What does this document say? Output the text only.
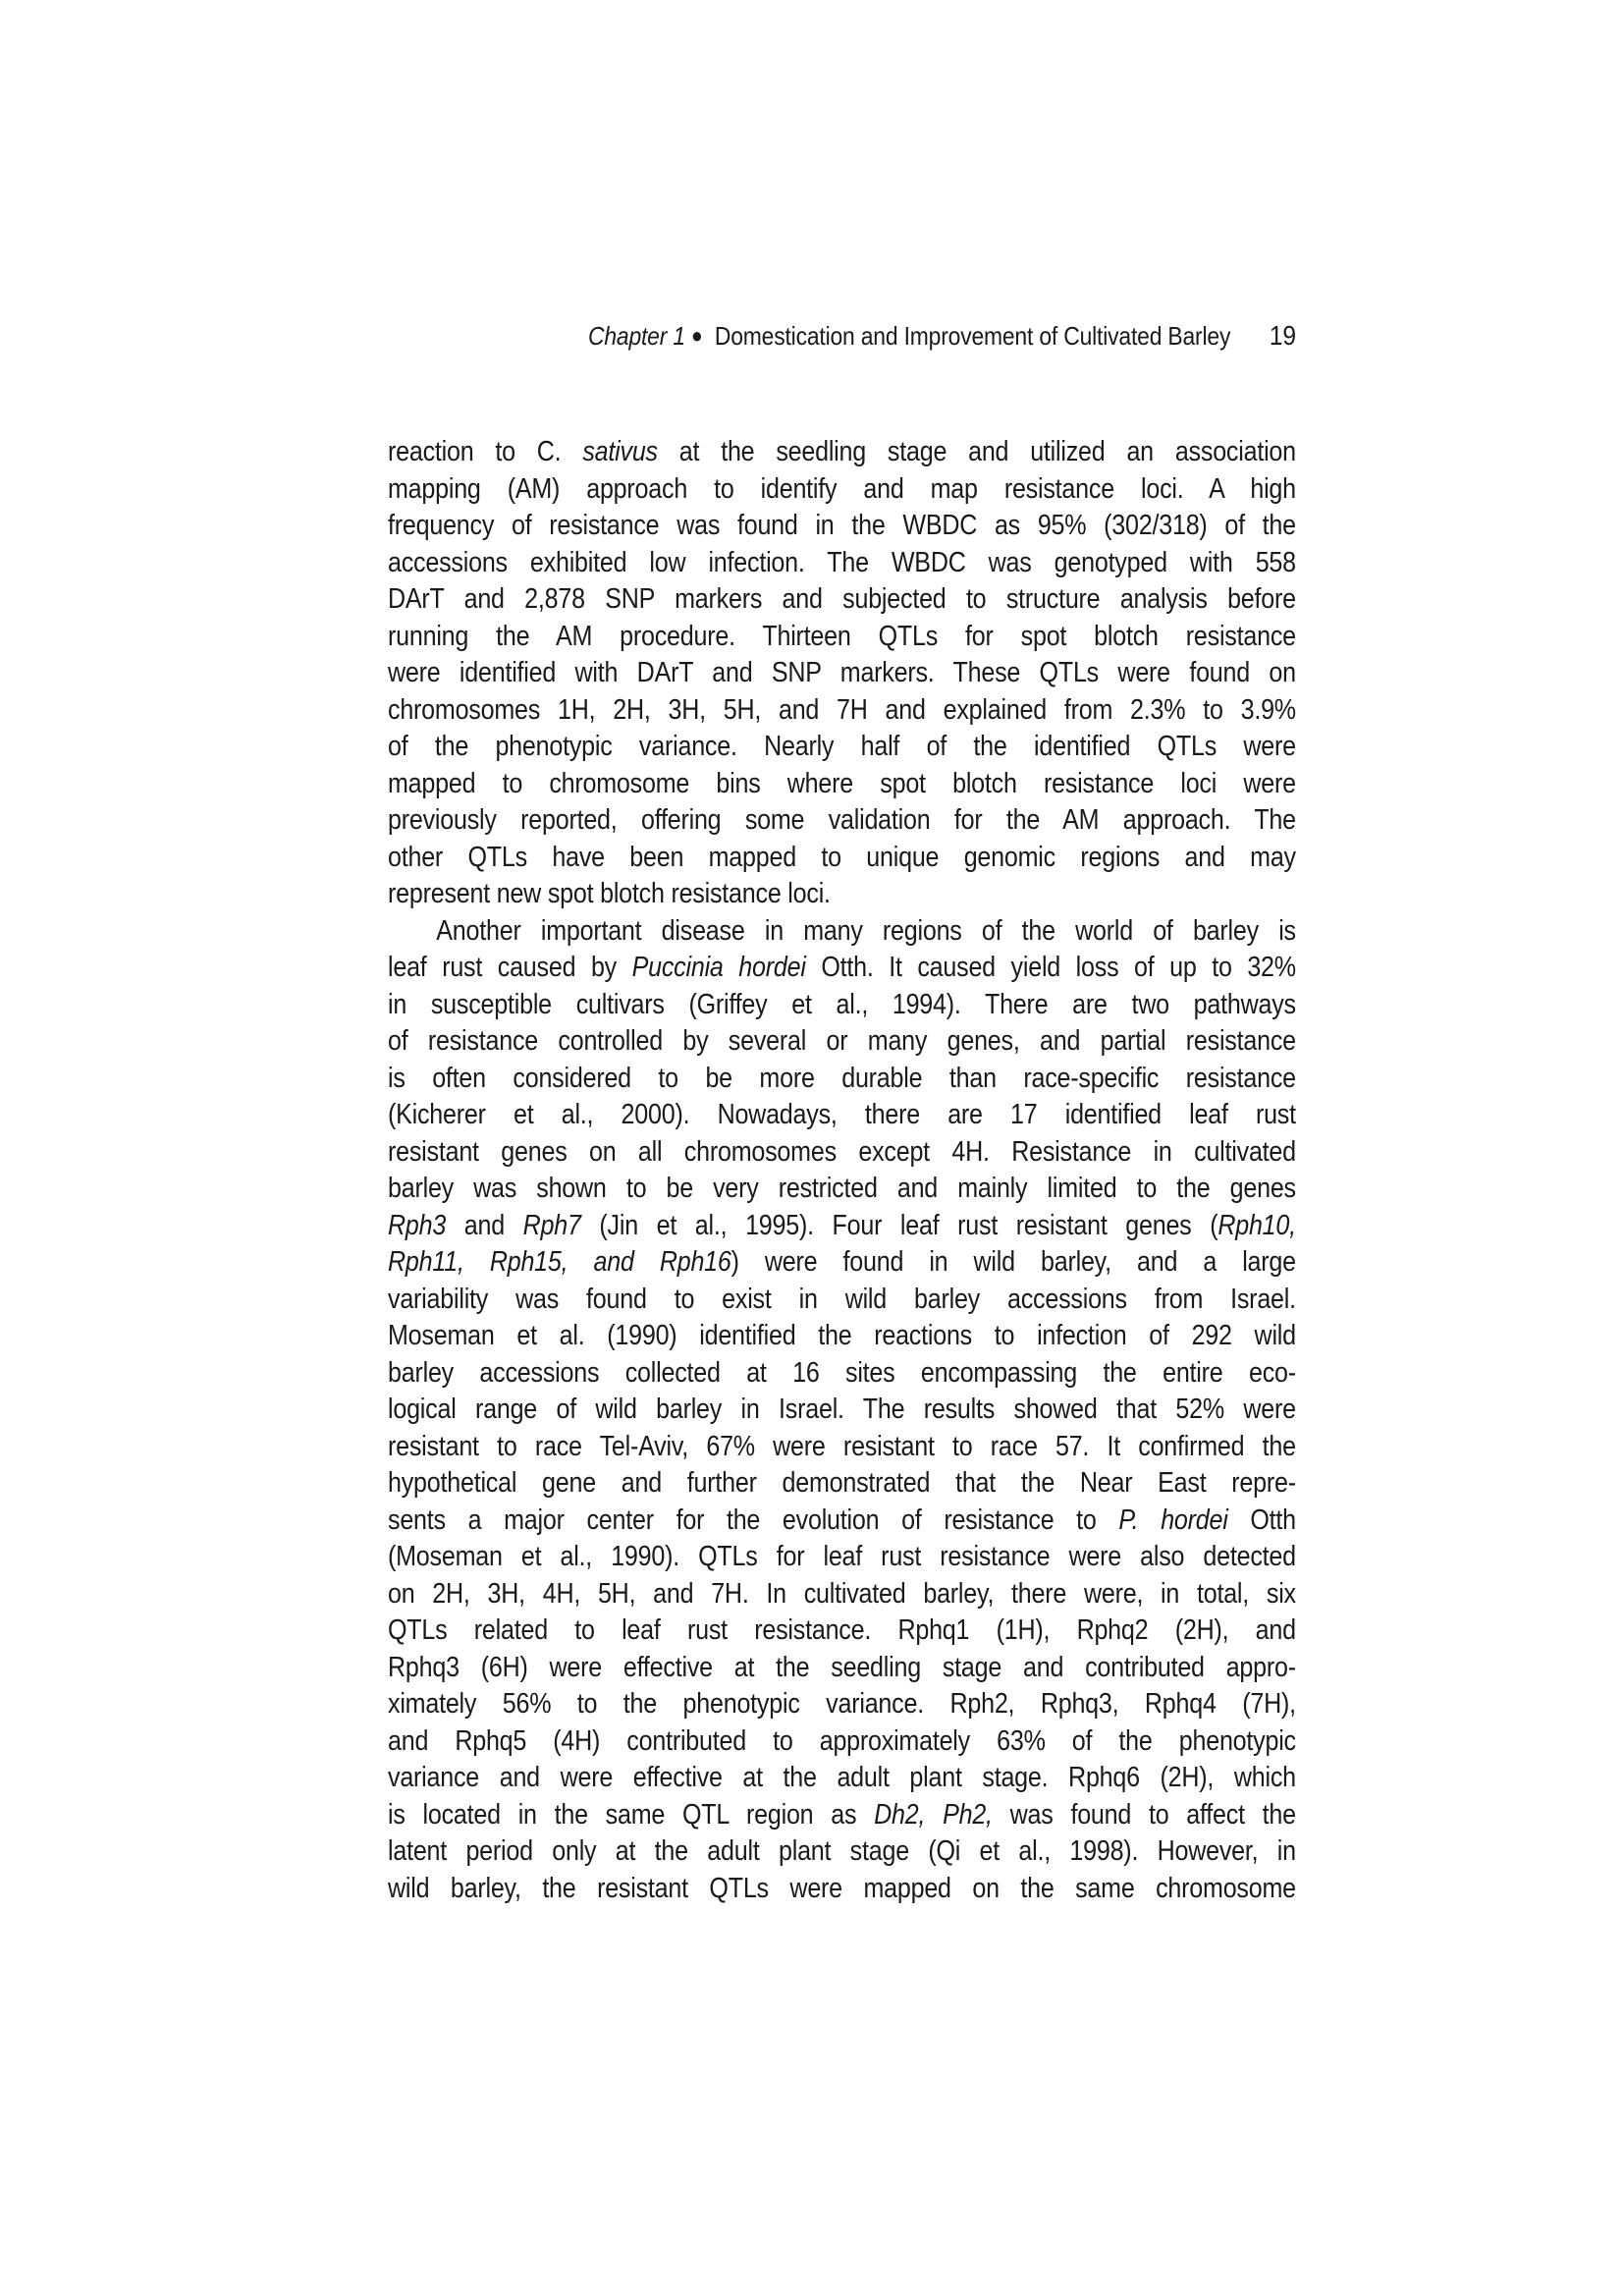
Chapter 1 ● Domestication and Improvement of Cultivated Barley 19
reaction to C. sativus at the seedling stage and utilized an association
mapping (AM) approach to identify and map resistance loci. A high
frequency of resistance was found in the WBDC as 95% (302/318) of the
accessions exhibited low infection. The WBDC was genotyped with 558
DArT and 2,878 SNP markers and subjected to structure analysis before
running the AM procedure. Thirteen QTLs for spot blotch resistance
were identified with DArT and SNP markers. These QTLs were found on
chromosomes 1H, 2H, 3H, 5H, and 7H and explained from 2.3% to 3.9%
of the phenotypic variance. Nearly half of the identified QTLs were
mapped to chromosome bins where spot blotch resistance loci were
previously reported, offering some validation for the AM approach. The
other QTLs have been mapped to unique genomic regions and may
represent new spot blotch resistance loci.
Another important disease in many regions of the world of barley is
leaf rust caused by Puccinia hordei Otth. It caused yield loss of up to 32%
in susceptible cultivars (Griffey et al., 1994). There are two pathways
of resistance controlled by several or many genes, and partial resistance
is often considered to be more durable than race-specific resistance
(Kicherer et al., 2000). Nowadays, there are 17 identified leaf rust
resistant genes on all chromosomes except 4H. Resistance in cultivated
barley was shown to be very restricted and mainly limited to the genes
Rph3 and Rph7 (Jin et al., 1995). Four leaf rust resistant genes (Rph10,
Rph11, Rph15, and Rph16) were found in wild barley, and a large
variability was found to exist in wild barley accessions from Israel.
Moseman et al. (1990) identified the reactions to infection of 292 wild
barley accessions collected at 16 sites encompassing the entire eco-
logical range of wild barley in Israel. The results showed that 52% were
resistant to race Tel-Aviv, 67% were resistant to race 57. It confirmed the
hypothetical gene and further demonstrated that the Near East repre-
sents a major center for the evolution of resistance to P. hordei Otth
(Moseman et al., 1990). QTLs for leaf rust resistance were also detected
on 2H, 3H, 4H, 5H, and 7H. In cultivated barley, there were, in total, six
QTLs related to leaf rust resistance. Rphq1 (1H), Rphq2 (2H), and
Rphq3 (6H) were effective at the seedling stage and contributed appro-
ximately 56% to the phenotypic variance. Rph2, Rphq3, Rphq4 (7H),
and Rphq5 (4H) contributed to approximately 63% of the phenotypic
variance and were effective at the adult plant stage. Rphq6 (2H), which
is located in the same QTL region as Dh2, Ph2, was found to affect the
latent period only at the adult plant stage (Qi et al., 1998). However, in
wild barley, the resistant QTLs were mapped on the same chromosome
